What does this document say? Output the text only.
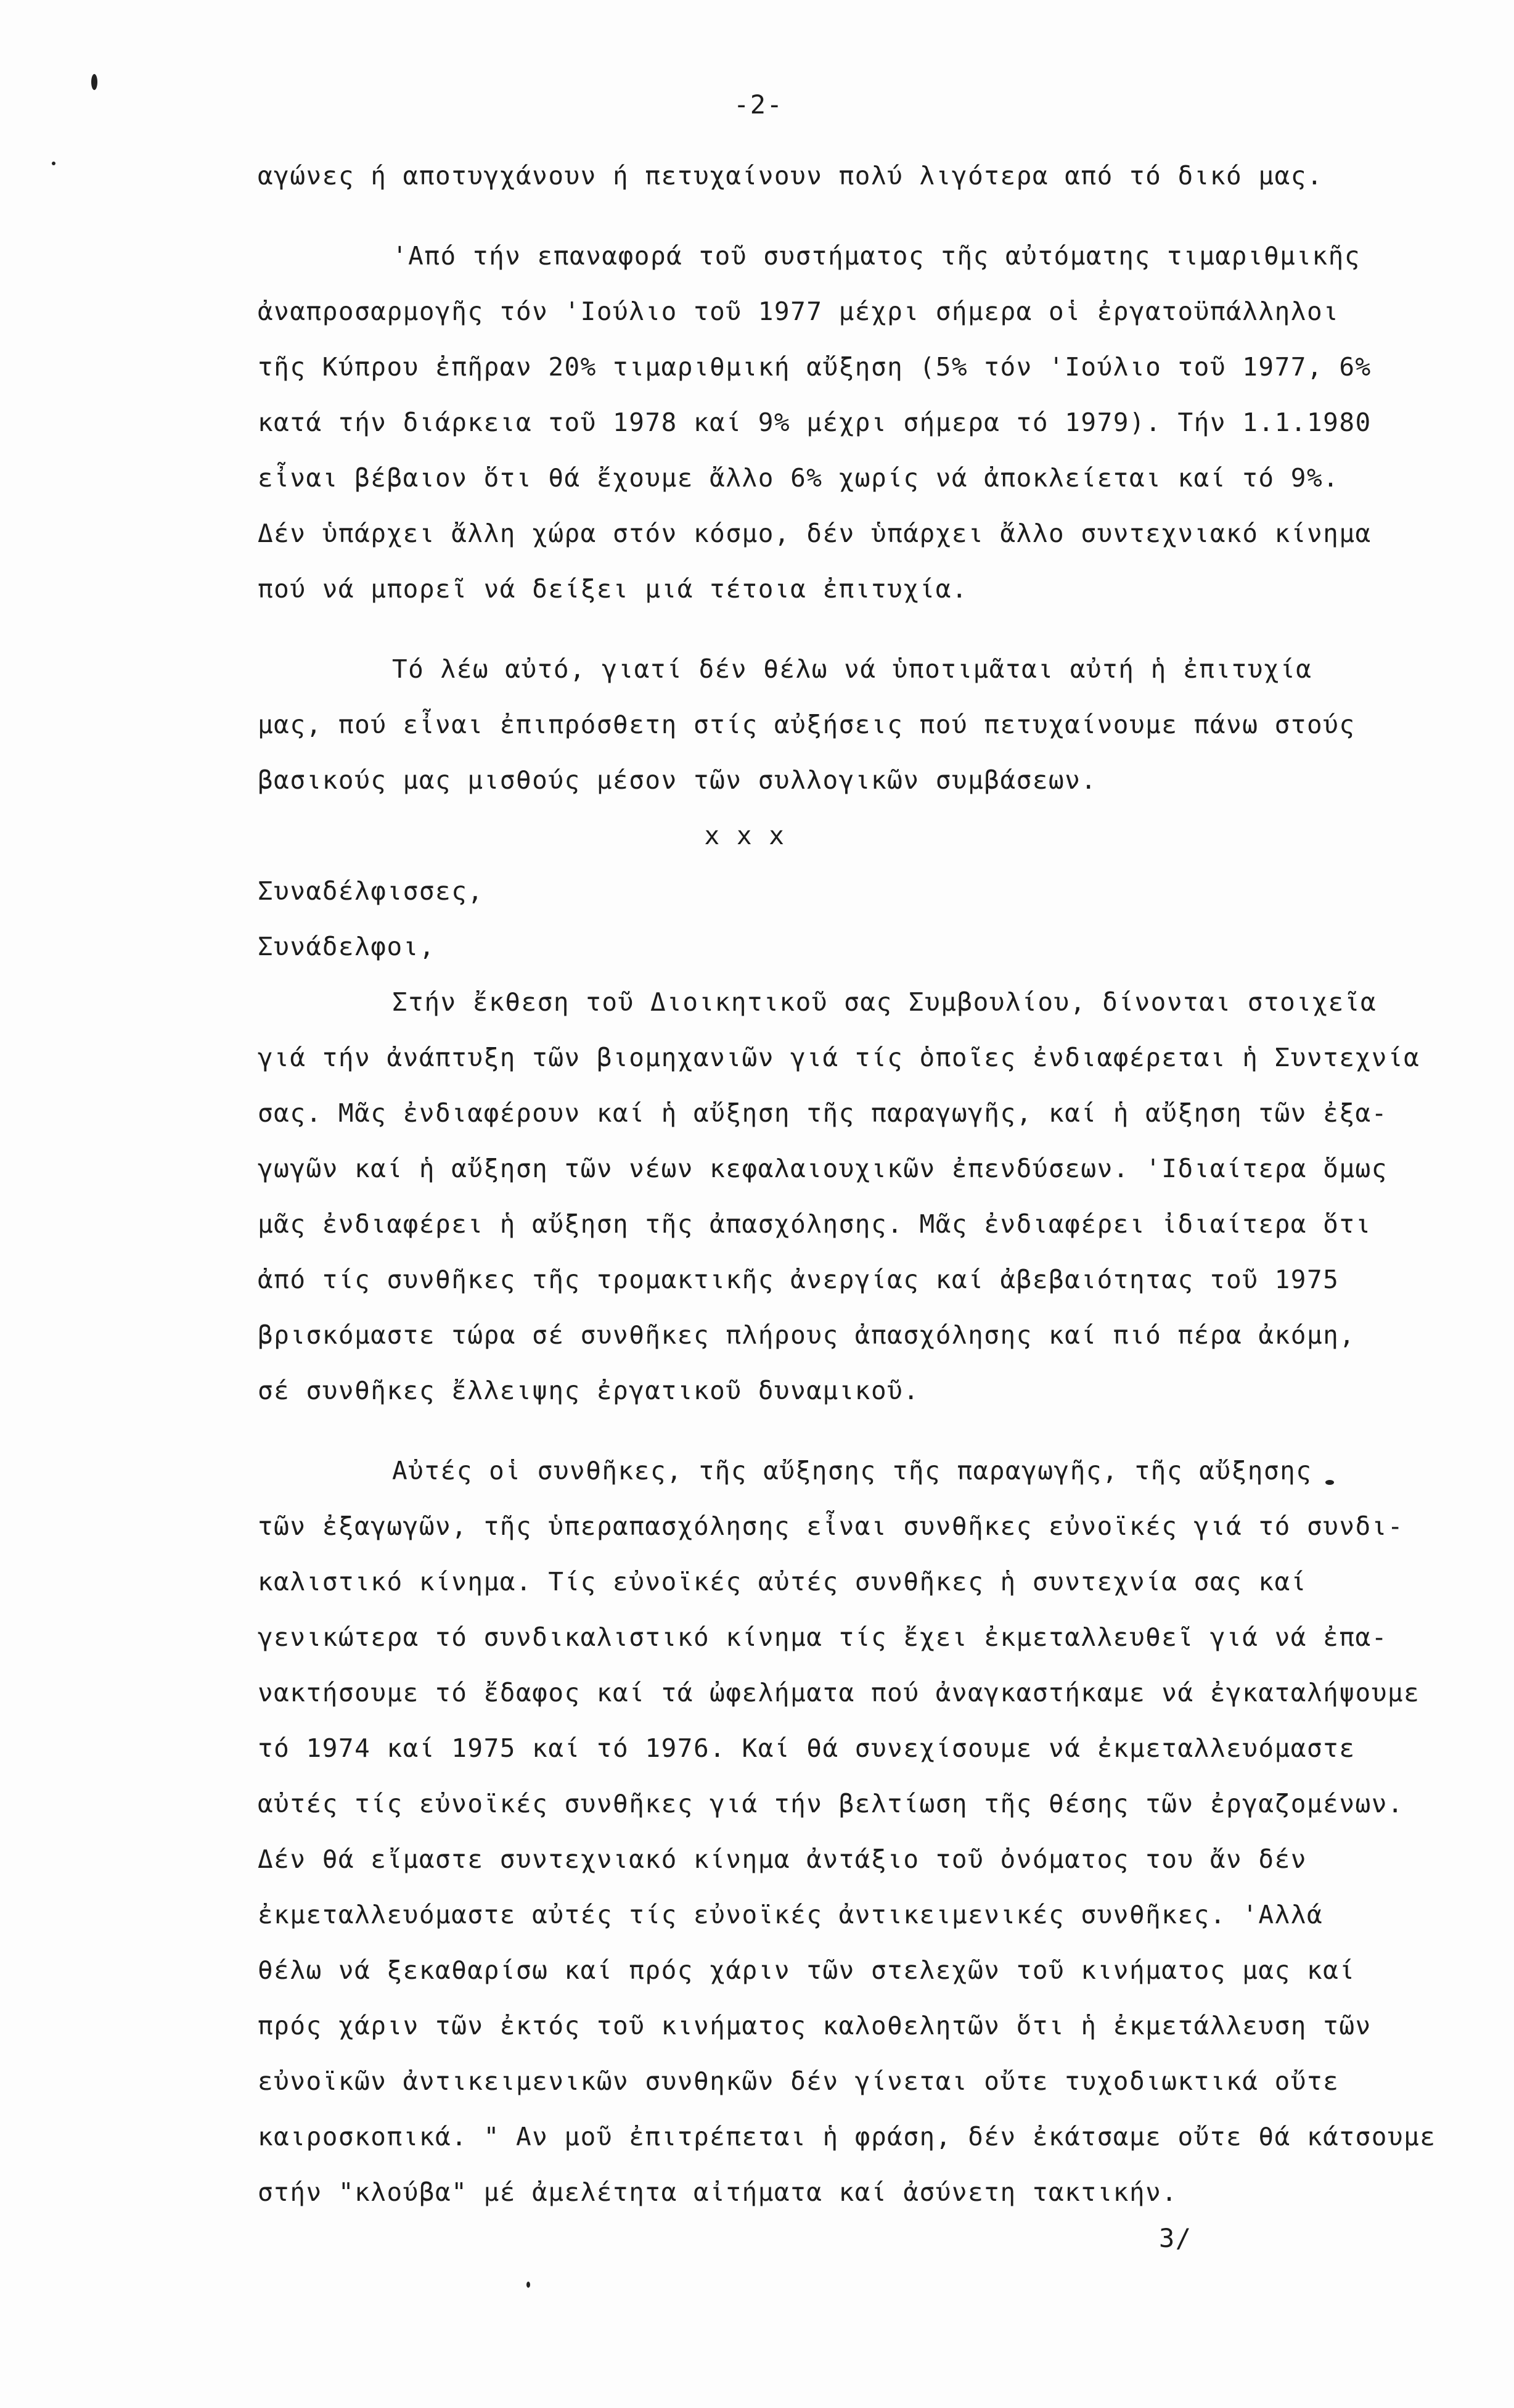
-2-
αγώνες ή αποτυγχάνουν ή πετυχαίνουν πολύ λιγότερα από τό δικό μας.
'Από τήν επαναφορά τοῦ συστήματος τῆς αὐτόματης τιμαριθμικῆς
ἀναπροσαρμογῆς τόν 'Ιούλιο τοῦ 1977 μέχρι σήμερα οἱ ἐργατοϋπάλληλοι
τῆς Κύπρου ἐπῆραν 20% τιμαριθμική αὔξηση (5% τόν 'Ιούλιο τοῦ 1977, 6%
κατά τήν διάρκεια τοῦ 1978 καί 9% μέχρι σήμερα τό 1979). Τήν 1.1.1980
εἶναι βέβαιον ὅτι θά ἔχουμε ἄλλο 6% χωρίς νά ἀποκλείεται καί τό 9%.
Δέν ὑπάρχει ἄλλη χώρα στόν κόσμο, δέν ὑπάρχει ἄλλο συντεχνιακό κίνημα
πού νά μπορεῖ νά δείξει μιά τέτοια ἐπιτυχία.
Τό λέω αὐτό, γιατί δέν θέλω νά ὑποτιμᾶται αὐτή ἡ ἐπιτυχία
μας, πού εἶναι ἐπιπρόσθετη στίς αὐξήσεις πού πετυχαίνουμε πάνω στούς
βασικούς μας μισθούς μέσον τῶν συλλογικῶν συμβάσεων.
x x x
Συναδέλφισσες,
Συνάδελφοι,
Στήν ἔκθεση τοῦ Διοικητικοῦ σας Συμβουλίου, δίνονται στοιχεῖα
γιά τήν ἀνάπτυξη τῶν βιομηχανιῶν γιά τίς ὁποῖες ἐνδιαφέρεται ἡ Συντεχνία
σας. Μᾶς ἐνδιαφέρουν καί ἡ αὔξηση τῆς παραγωγῆς, καί ἡ αὔξηση τῶν ἐξα-
γωγῶν καί ἡ αὔξηση τῶν νέων κεφαλαιουχικῶν ἐπενδύσεων. 'Ιδιαίτερα ὅμως
μᾶς ἐνδιαφέρει ἡ αὔξηση τῆς ἀπασχόλησης. Μᾶς ἐνδιαφέρει ἰδιαίτερα ὅτι
ἀπό τίς συνθῆκες τῆς τρομακτικῆς ἀνεργίας καί ἀβεβαιότητας τοῦ 1975
βρισκόμαστε τώρα σέ συνθῆκες πλήρους ἀπασχόλησης καί πιό πέρα ἀκόμη,
σέ συνθῆκες ἔλλειψης ἐργατικοῦ δυναμικοῦ.
Αὐτές οἱ συνθῆκες, τῆς αὔξησης τῆς παραγωγῆς, τῆς αὔξησης
τῶν ἐξαγωγῶν, τῆς ὑπεραπασχόλησης εἶναι συνθῆκες εὐνοϊκές γιά τό συνδι-
καλιστικό κίνημα. Τίς εὐνοϊκές αὐτές συνθῆκες ἡ συντεχνία σας καί
γενικώτερα τό συνδικαλιστικό κίνημα τίς ἔχει ἐκμεταλλευθεῖ γιά νά ἐπα-
νακτήσουμε τό ἔδαφος καί τά ὠφελήματα πού ἀναγκαστήκαμε νά ἐγκαταλήψουμε
τό 1974 καί 1975 καί τό 1976. Καί θά συνεχίσουμε νά ἐκμεταλλευόμαστε
αὐτές τίς εὐνοϊκές συνθῆκες γιά τήν βελτίωση τῆς θέσης τῶν ἐργαζομένων.
Δέν θά εἴμαστε συντεχνιακό κίνημα ἀντάξιο τοῦ ὀνόματος του ἄν δέν
ἐκμεταλλευόμαστε αὐτές τίς εὐνοϊκές ἀντικειμενικές συνθῆκες. 'Αλλά
θέλω νά ξεκαθαρίσω καί πρός χάριν τῶν στελεχῶν τοῦ κινήματος μας καί
πρός χάριν τῶν ἐκτός τοῦ κινήματος καλοθελητῶν ὅτι ἡ ἐκμετάλλευση τῶν
εὐνοϊκῶν ἀντικειμενικῶν συνθηκῶν δέν γίνεται οὔτε τυχοδιωκτικά οὔτε
καιροσκοπικά. " Αν μοῦ ἐπιτρέπεται ἡ φράση, δέν ἐκάτσαμε οὔτε θά κάτσουμε
στήν "κλούβα" μέ ἀμελέτητα αἰτήματα καί ἀσύνετη τακτικήν.
3/
